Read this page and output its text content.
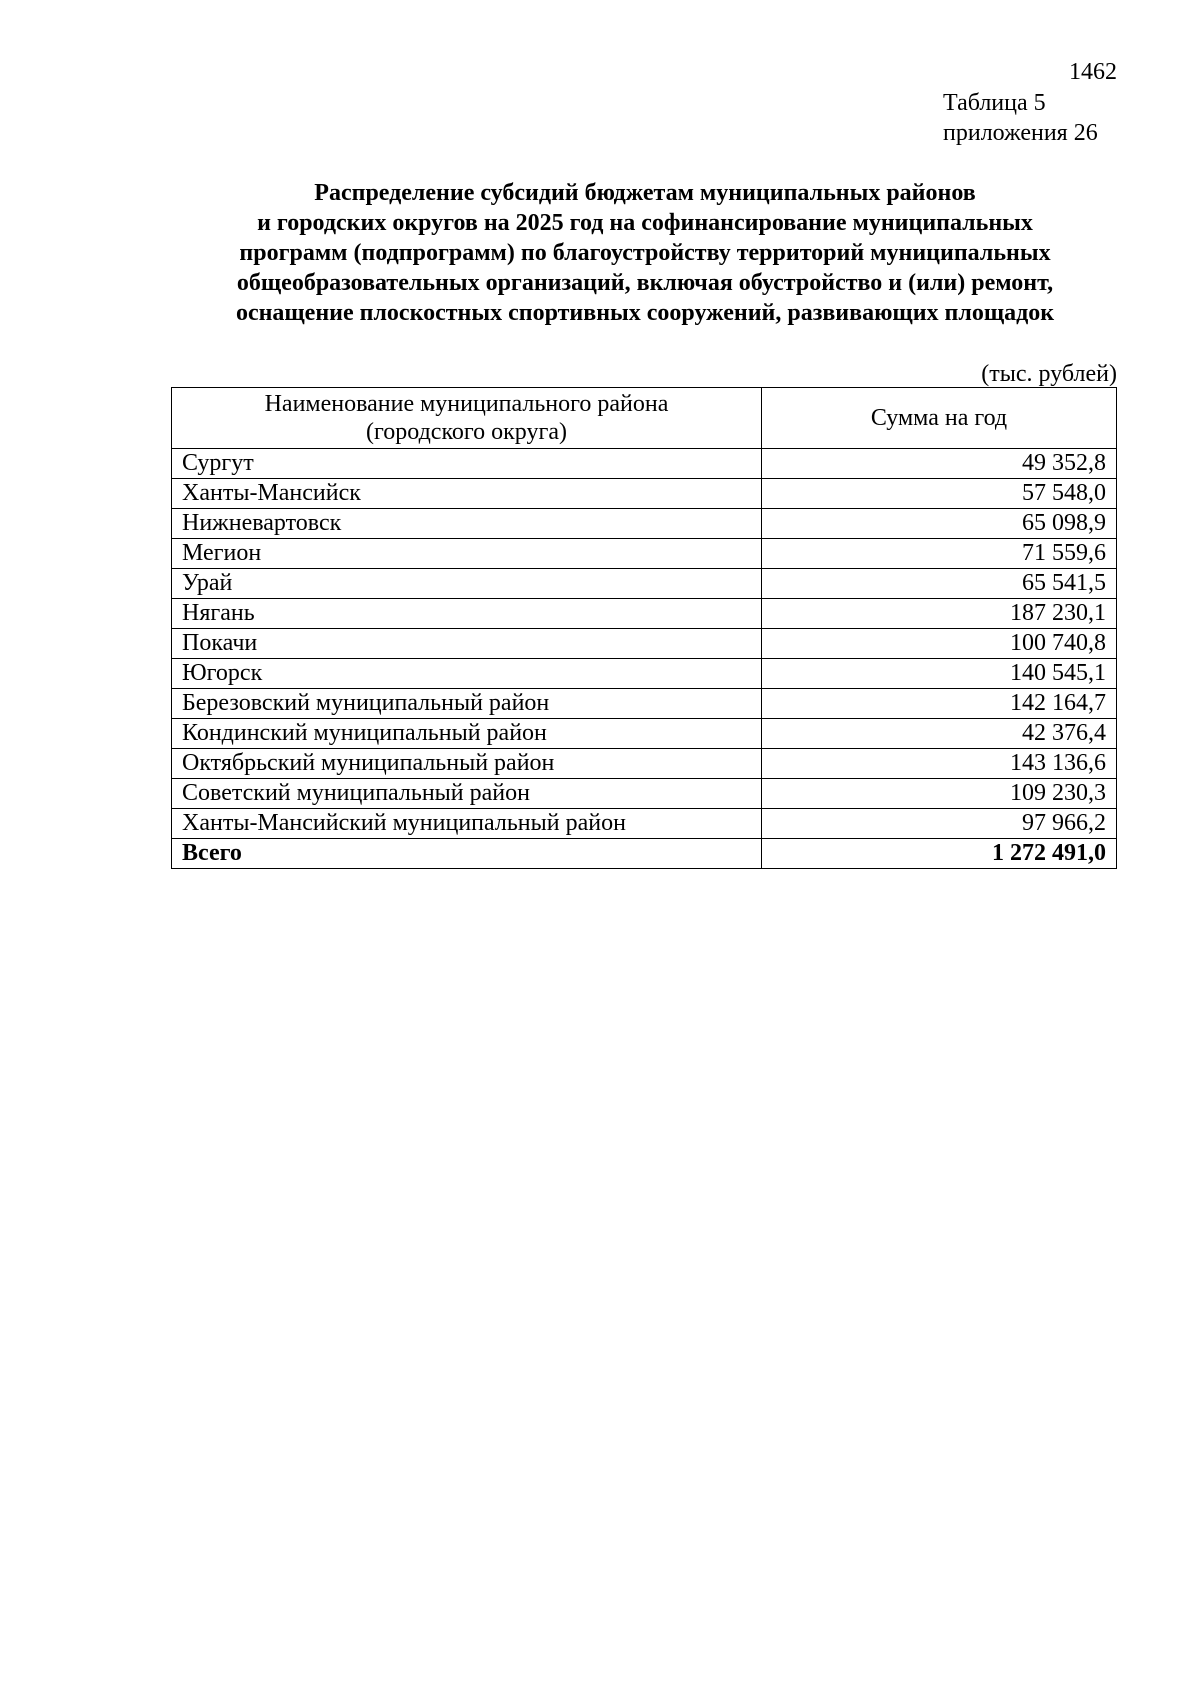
1462
Таблица 5
приложения 26
Распределение субсидий бюджетам муниципальных районов
и городских округов на 2025 год на софинансирование муниципальных
программ (подпрограмм) по благоустройству территорий муниципальных
общеобразовательных организаций, включая обустройство и (или) ремонт,
оснащение плоскостных спортивных сооружений, развивающих площадок
(тыс. рублей)
Наименование муниципального района
(городского округа)	Сумма на год
Сургут	49 352,8
Ханты-Мансийск	57 548,0
Нижневартовск	65 098,9
Мегион	71 559,6
Урай	65 541,5
Нягань	187 230,1
Покачи	100 740,8
Югорск	140 545,1
Березовский муниципальный район	142 164,7
Кондинский муниципальный район	42 376,4
Октябрьский муниципальный район	143 136,6
Советский муниципальный район	109 230,3
Ханты-Мансийский муниципальный район	97 966,2
Всего	1 272 491,0
